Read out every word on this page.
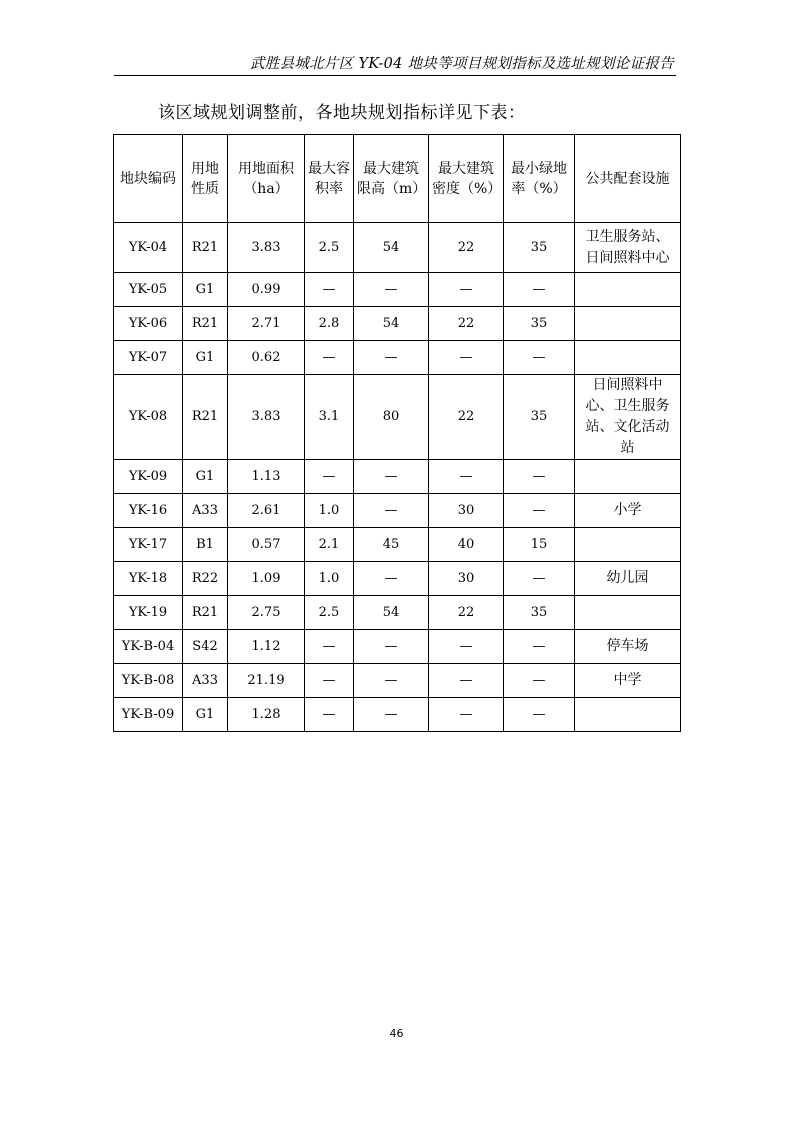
武胜县城北片区 YK-04 地块等项目规划指标及选址规划论证报告
该区域规划调整前，各地块规划指标详见下表：
地块编码	用地性质	用地面积（ha）	最大容积率	最大建筑限高（m）	最大建筑密度（%）	最小绿地率（%）	公共配套设施
YK-04	R21	3.83	2.5	54	22	35	卫生服务站、日间照料中心
YK-05	G1	0.99	—	—	—	—	
YK-06	R21	2.71	2.8	54	22	35	
YK-07	G1	0.62	—	—	—	—	
YK-08	R21	3.83	3.1	80	22	35	日间照料中心、卫生服务站、文化活动站
YK-09	G1	1.13	—	—	—	—	
YK-16	A33	2.61	1.0	—	30	—	小学
YK-17	B1	0.57	2.1	45	40	15	
YK-18	R22	1.09	1.0	—	30	—	幼儿园
YK-19	R21	2.75	2.5	54	22	35	
YK-B-04	S42	1.12	—	—	—	—	停车场
YK-B-08	A33	21.19	—	—	—	—	中学
YK-B-09	G1	1.28	—	—	—	—	
46
